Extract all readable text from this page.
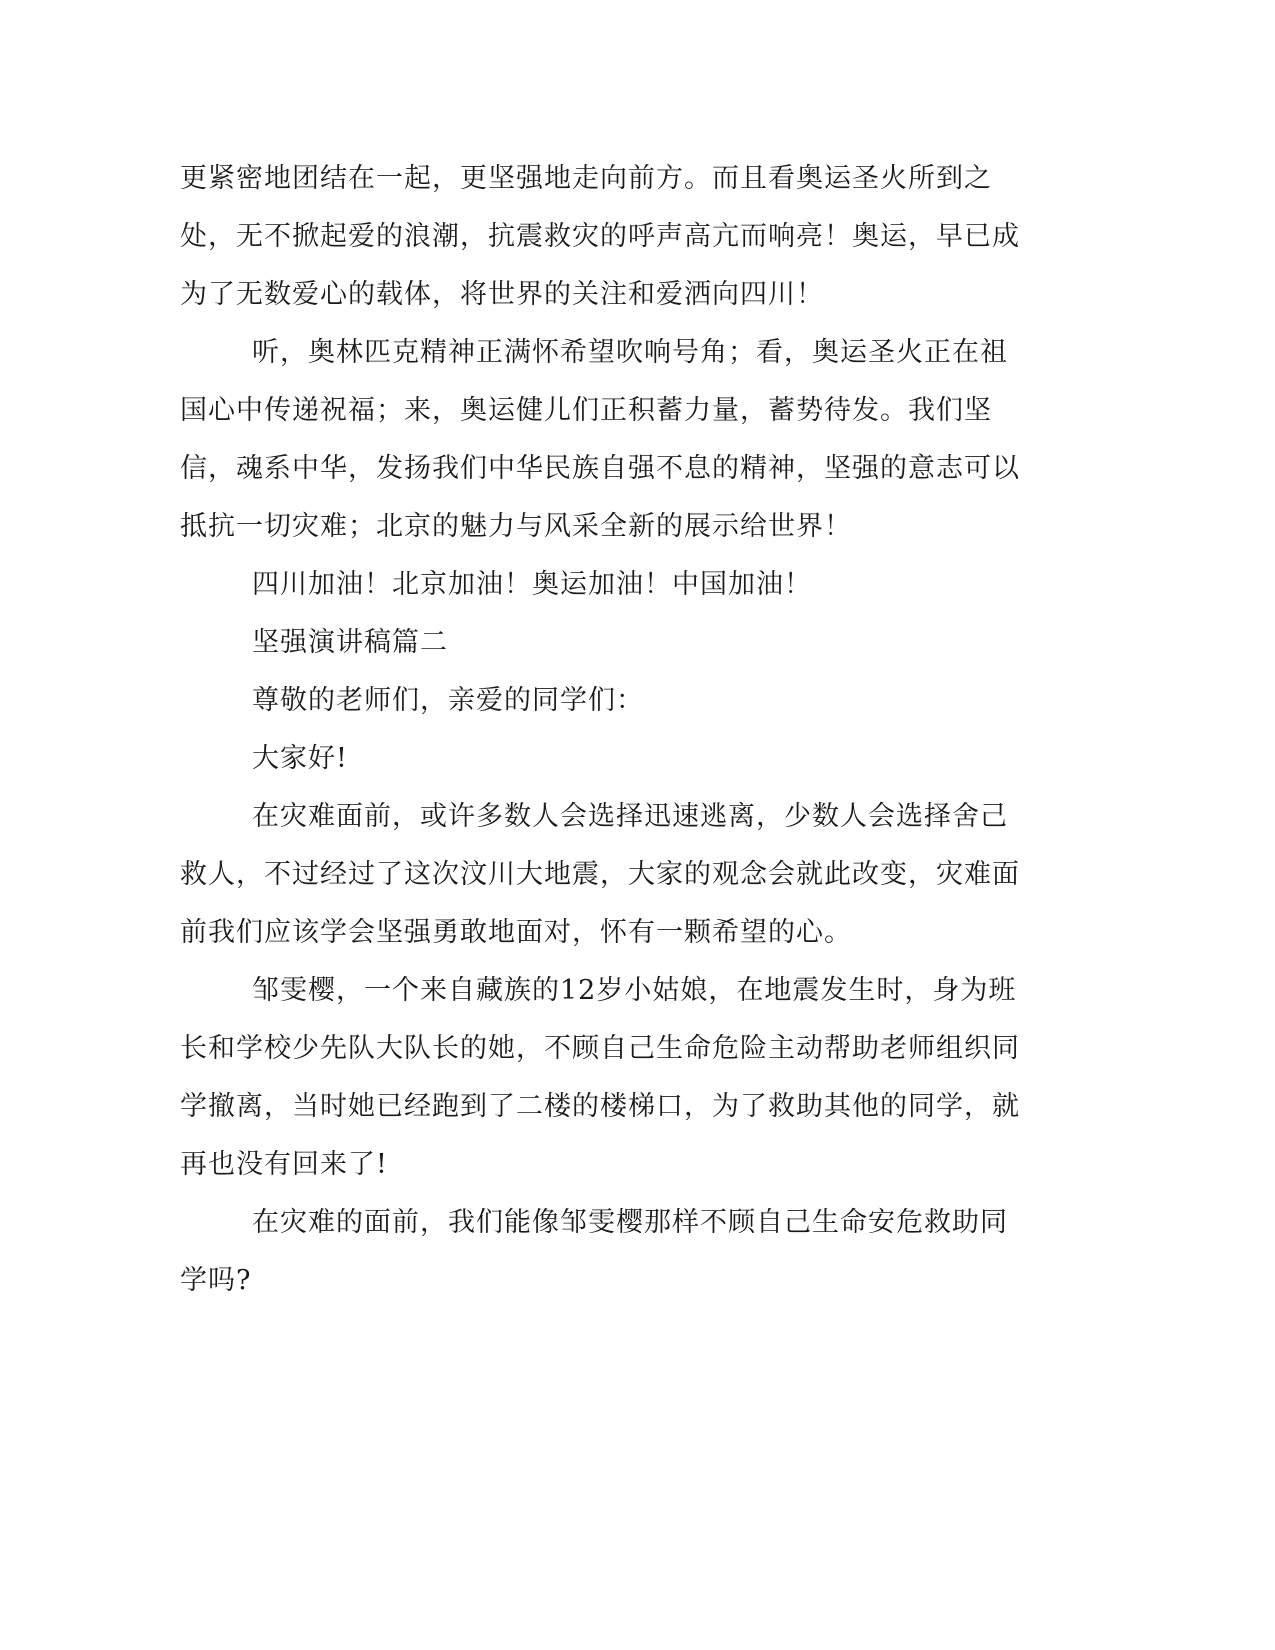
更紧密地团结在一起，更坚强地走向前方。而且看奥运圣火所到之处，无不掀起爱的浪潮，抗震救灾的呼声高亢而响亮！奥运，早已成为了无数爱心的载体，将世界的关注和爱洒向四川！

听，奥林匹克精神正满怀希望吹响号角；看，奥运圣火正在祖国心中传递祝福；来，奥运健儿们正积蓄力量，蓄势待发。我们坚信，魂系中华，发扬我们中华民族自强不息的精神，坚强的意志可以抵抗一切灾难；北京的魅力与风采全新的展示给世界！

四川加油！北京加油！奥运加油！中国加油！

坚强演讲稿篇二

尊敬的老师们，亲爱的同学们：

大家好!

在灾难面前，或许多数人会选择迅速逃离，少数人会选择舍己救人，不过经过了这次汶川大地震，大家的观念会就此改变，灾难面前我们应该学会坚强勇敢地面对，怀有一颗希望的心。

邹雯樱，一个来自藏族的12岁小姑娘，在地震发生时，身为班长和学校少先队大队长的她，不顾自己生命危险主动帮助老师组织同学撤离，当时她已经跑到了二楼的楼梯口，为了救助其他的同学，就再也没有回来了!

在灾难的面前，我们能像邹雯樱那样不顾自己生命安危救助同学吗?
